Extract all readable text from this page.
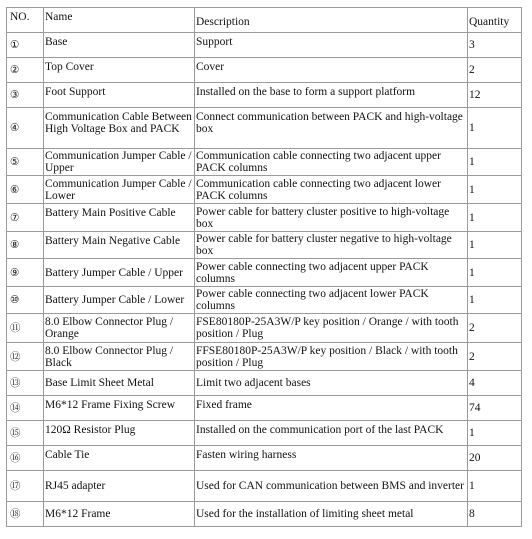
NO.	Name	Description	Quantity
①	Base	Support	3
②	Top Cover	Cover	2
③	Foot Support	Installed on the base to form a support platform	12
④	Communication Cable Between High Voltage Box and PACK	Connect communication between PACK and high-voltage box	1
⑤	Communication Jumper Cable / Upper	Communication cable connecting two adjacent upper PACK columns	1
⑥	Communication Jumper Cable / Lower	Communication cable connecting two adjacent lower PACK columns	1
⑦	Battery Main Positive Cable	Power cable for battery cluster positive to high-voltage box	1
⑧	Battery Main Negative Cable	Power cable for battery cluster negative to high-voltage box	1
⑨	Battery Jumper Cable / Upper	Power cable connecting two adjacent upper PACK columns	1
⑩	Battery Jumper Cable / Lower	Power cable connecting two adjacent lower PACK columns	1
⑪	8.0 Elbow Connector Plug / Orange	FSE80180P-25A3W/P key position / Orange / with tooth position / Plug	2
⑫	8.0 Elbow Connector Plug / Black	FFSE80180P-25A3W/P key position / Black / with tooth position / Plug	2
⑬	Base Limit Sheet Metal	Limit two adjacent bases	4
⑭	M6*12 Frame Fixing Screw	Fixed frame	74
⑮	120Ω Resistor Plug	Installed on the communication port of the last PACK	1
⑯	Cable Tie	Fasten wiring harness	20
⑰	RJ45 adapter	Used for CAN communication between BMS and inverter	1
⑱	M6*12 Frame	Used for the installation of limiting sheet metal	8
